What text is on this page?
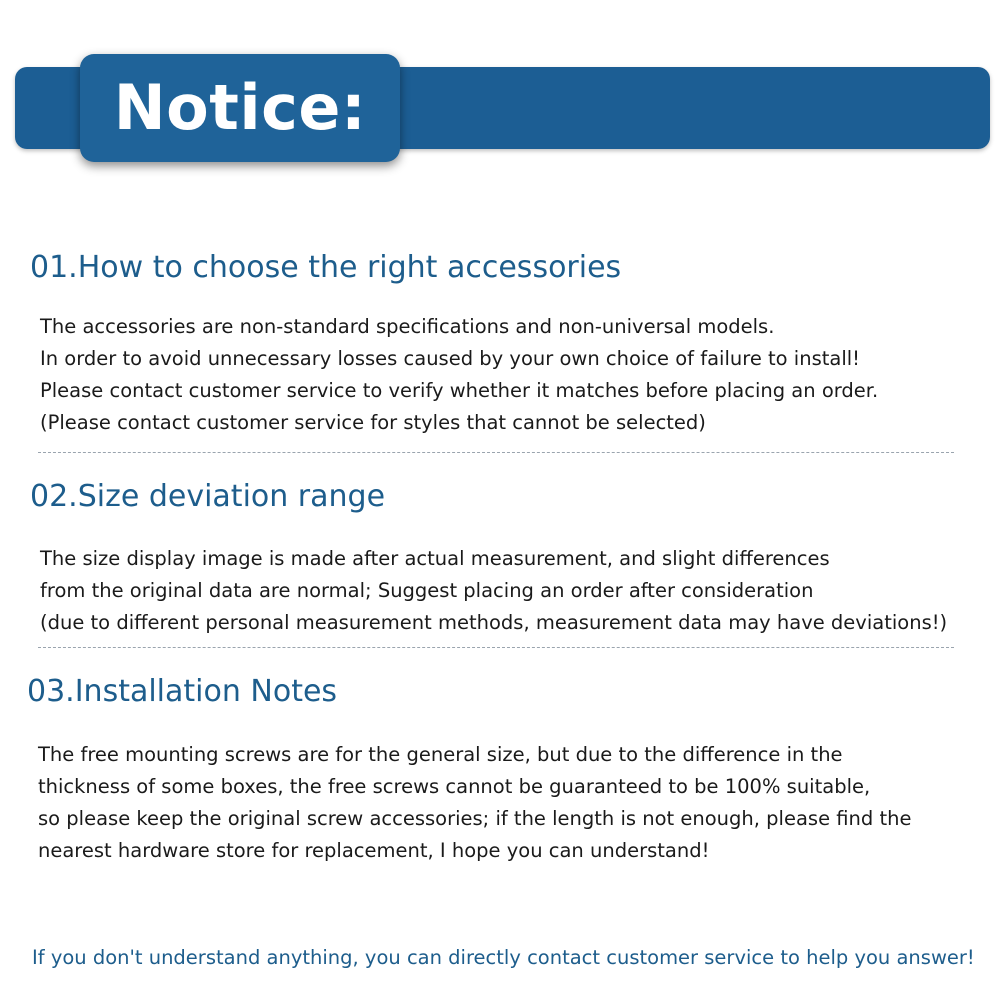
Notice:
01.How to choose the right accessories
The accessories are non-standard specifications and non-universal models.
In order to avoid unnecessary losses caused by your own choice of failure to install!
Please contact customer service to verify whether it matches before placing an order.
(Please contact customer service for styles that cannot be selected)
02.Size deviation range
The size display image is made after actual measurement, and slight differences
from the original data are normal; Suggest placing an order after consideration
(due to different personal measurement methods, measurement data may have deviations!)
03.Installation Notes
The free mounting screws are for the general size, but due to the difference in the
thickness of some boxes, the free screws cannot be guaranteed to be 100% suitable,
so please keep the original screw accessories; if the length is not enough, please find the
nearest hardware store for replacement, I hope you can understand!
If you don't understand anything, you can directly contact customer service to help you answer!
